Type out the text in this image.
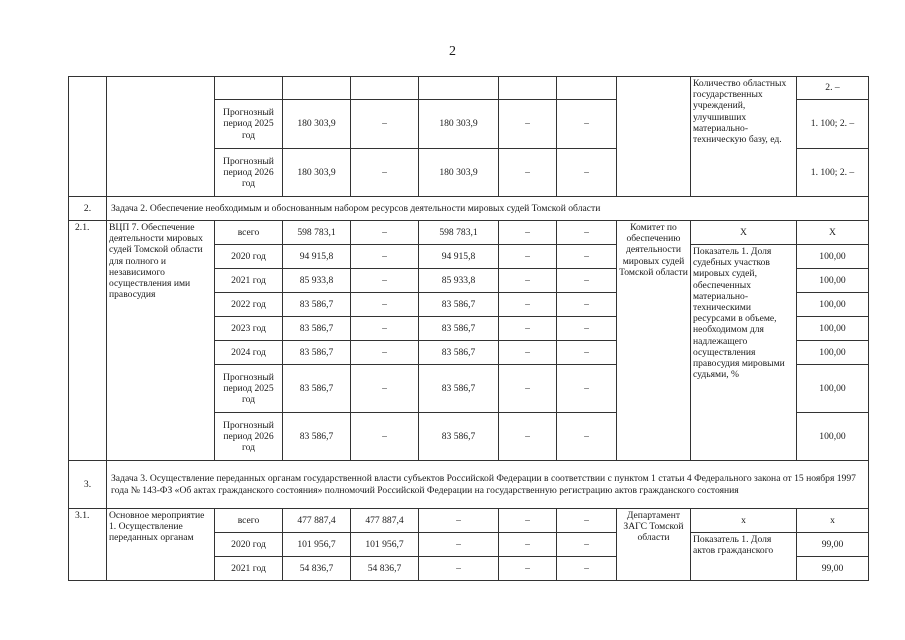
2
									Количество областных государственных учреждений, улучшивших материально-техническую базу, ед.	2. –
		Прогнозный период 2025 год	180 303,9	–	180 303,9	–	–			1. 100; 2. –
		Прогнозный период 2026 год	180 303,9	–	180 303,9	–	–			1. 100; 2. –
2.	Задача 2. Обеспечение необходимым и обоснованным набором ресурсов деятельности мировых судей Томской области									
2.1.	ВЦП 7. Обеспечение деятельности мировых судей Томской области для полного и независимого осуществления ими правосудия	всего	598 783,1	–	598 783,1	–	–	Комитет по обеспечению деятельности мировых судей Томской области	Х	Х
		2020 год	94 915,8	–	94 915,8	–	–		Показатель 1. Доля судебных участков мировых судей, обеспеченных материально-техническими ресурсами в объеме, необходимом для надлежащего осуществления правосудия мировыми судьями, %	100,00
		2021 год	85 933,8	–	85 933,8	–	–			100,00
		2022 год	83 586,7	–	83 586,7	–	–			100,00
		2023 год	83 586,7	–	83 586,7	–	–			100,00
		2024 год	83 586,7	–	83 586,7	–	–			100,00
		Прогнозный период 2025 год	83 586,7	–	83 586,7	–	–			100,00
		Прогнозный период 2026 год	83 586,7	–	83 586,7	–	–			100,00
3.	Задача 3. Осуществление переданных органам государственной власти субъектов Российской Федерации в соответствии с пунктом 1 статьи 4 Федерального закона от 15 ноября 1997 года № 143-ФЗ «Об актах гражданского состояния» полномочий Российской Федерации на государственную регистрацию актов гражданского состояния									
3.1.	Основное мероприятие 1. Осуществление переданных органам	всего	477 887,4	477 887,4	–	–	–	Департамент ЗАГС Томской области	х	х
		2020 год	101 956,7	101 956,7	–	–	–		Показатель 1. Доля актов гражданского	99,00
		2021 год	54 836,7	54 836,7	–	–	–			99,00
